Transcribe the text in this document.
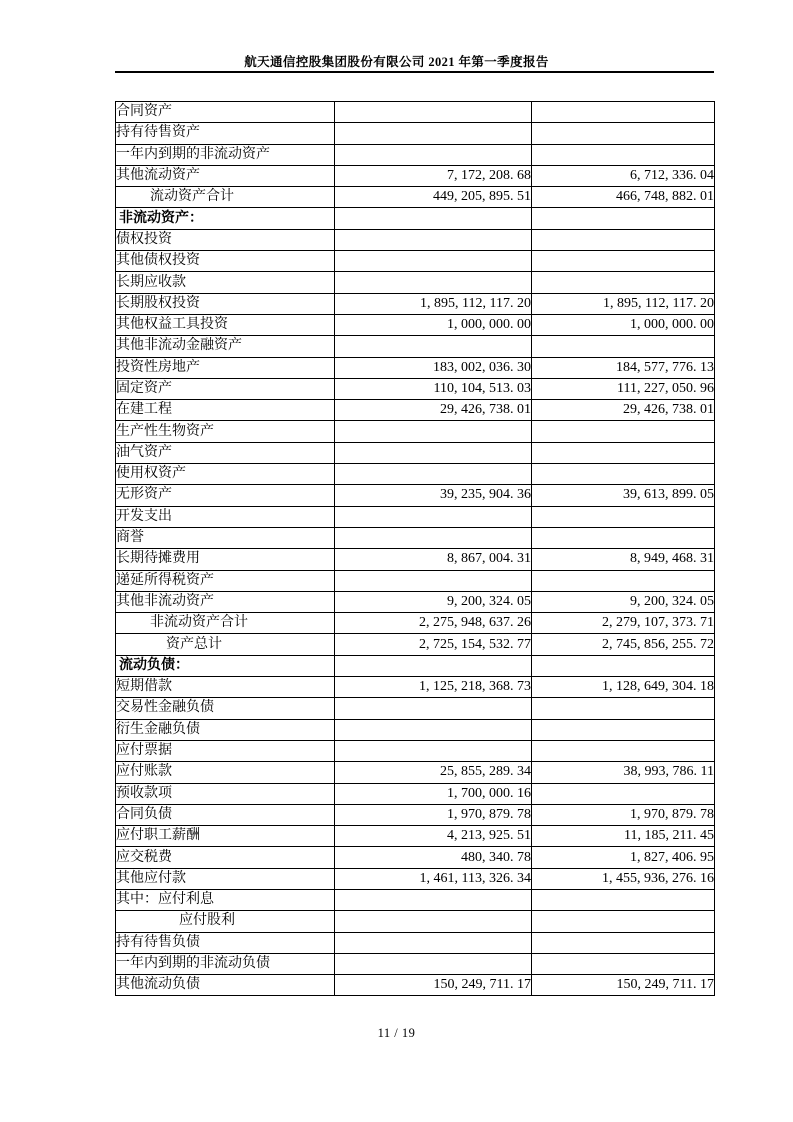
航天通信控股集团股份有限公司 2021 年第一季度报告
合同资产		
持有待售资产		
一年内到期的非流动资产		
其他流动资产	7, 172, 208. 68	6, 712, 336. 04
流动资产合计	449, 205, 895. 51	466, 748, 882. 01
非流动资产：		
债权投资		
其他债权投资		
长期应收款		
长期股权投资	1, 895, 112, 117. 20	1, 895, 112, 117. 20
其他权益工具投资	1, 000, 000. 00	1, 000, 000. 00
其他非流动金融资产		
投资性房地产	183, 002, 036. 30	184, 577, 776. 13
固定资产	110, 104, 513. 03	111, 227, 050. 96
在建工程	29, 426, 738. 01	29, 426, 738. 01
生产性生物资产		
油气资产		
使用权资产		
无形资产	39, 235, 904. 36	39, 613, 899. 05
开发支出		
商誉		
长期待摊费用	8, 867, 004. 31	8, 949, 468. 31
递延所得税资产		
其他非流动资产	9, 200, 324. 05	9, 200, 324. 05
非流动资产合计	2, 275, 948, 637. 26	2, 279, 107, 373. 71
资产总计	2, 725, 154, 532. 77	2, 745, 856, 255. 72
流动负债：		
短期借款	1, 125, 218, 368. 73	1, 128, 649, 304. 18
交易性金融负债		
衍生金融负债		
应付票据		
应付账款	25, 855, 289. 34	38, 993, 786. 11
预收款项	1, 700, 000. 16	
合同负债	1, 970, 879. 78	1, 970, 879. 78
应付职工薪酬	4, 213, 925. 51	11, 185, 211. 45
应交税费	480, 340. 78	1, 827, 406. 95
其他应付款	1, 461, 113, 326. 34	1, 455, 936, 276. 16
其中：应付利息		
应付股利		
持有待售负债		
一年内到期的非流动负债		
其他流动负债	150, 249, 711. 17	150, 249, 711. 17
11 / 19
